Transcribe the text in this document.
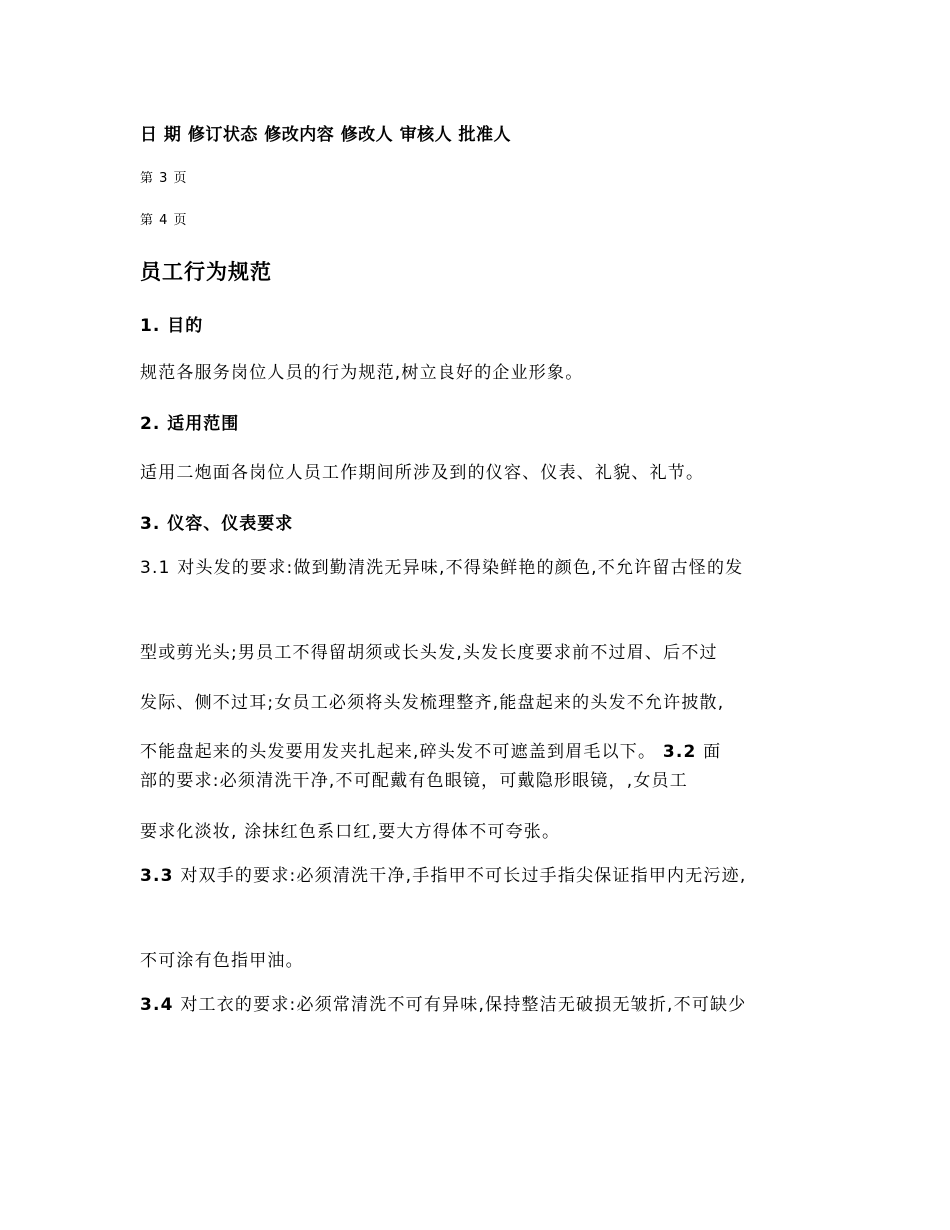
日 期 修订状态 修改内容 修改人 审核人 批准人

第 3 页

第 4 页

员工行为规范

1. 目的

规范各服务岗位人员的行为规范,树立良好的企业形象。

2. 适用范围

适用二炮面各岗位人员工作期间所涉及到的仪容、仪表、礼貌、礼节。

3. 仪容、仪表要求

3.1 对头发的要求:做到勤清洗无异味,不得染鲜艳的颜色,不允许留古怪的发

型或剪光头;男员工不得留胡须或长头发,头发长度要求前不过眉、后不过

发际、侧不过耳;女员工必须将头发梳理整齐,能盘起来的头发不允许披散,

不能盘起来的头发要用发夹扎起来,碎头发不可遮盖到眉毛以下。 3.2 面

部的要求:必须清洗干净,不可配戴有色眼镜，可戴隐形眼镜，,女员工

要求化淡妆, 涂抹红色系口红,要大方得体不可夸张。

3.3 对双手的要求:必须清洗干净,手指甲不可长过手指尖保证指甲内无污迹,

不可涂有色指甲油。

3.4 对工衣的要求:必须常清洗不可有异味,保持整洁无破损无皱折,不可缺少
